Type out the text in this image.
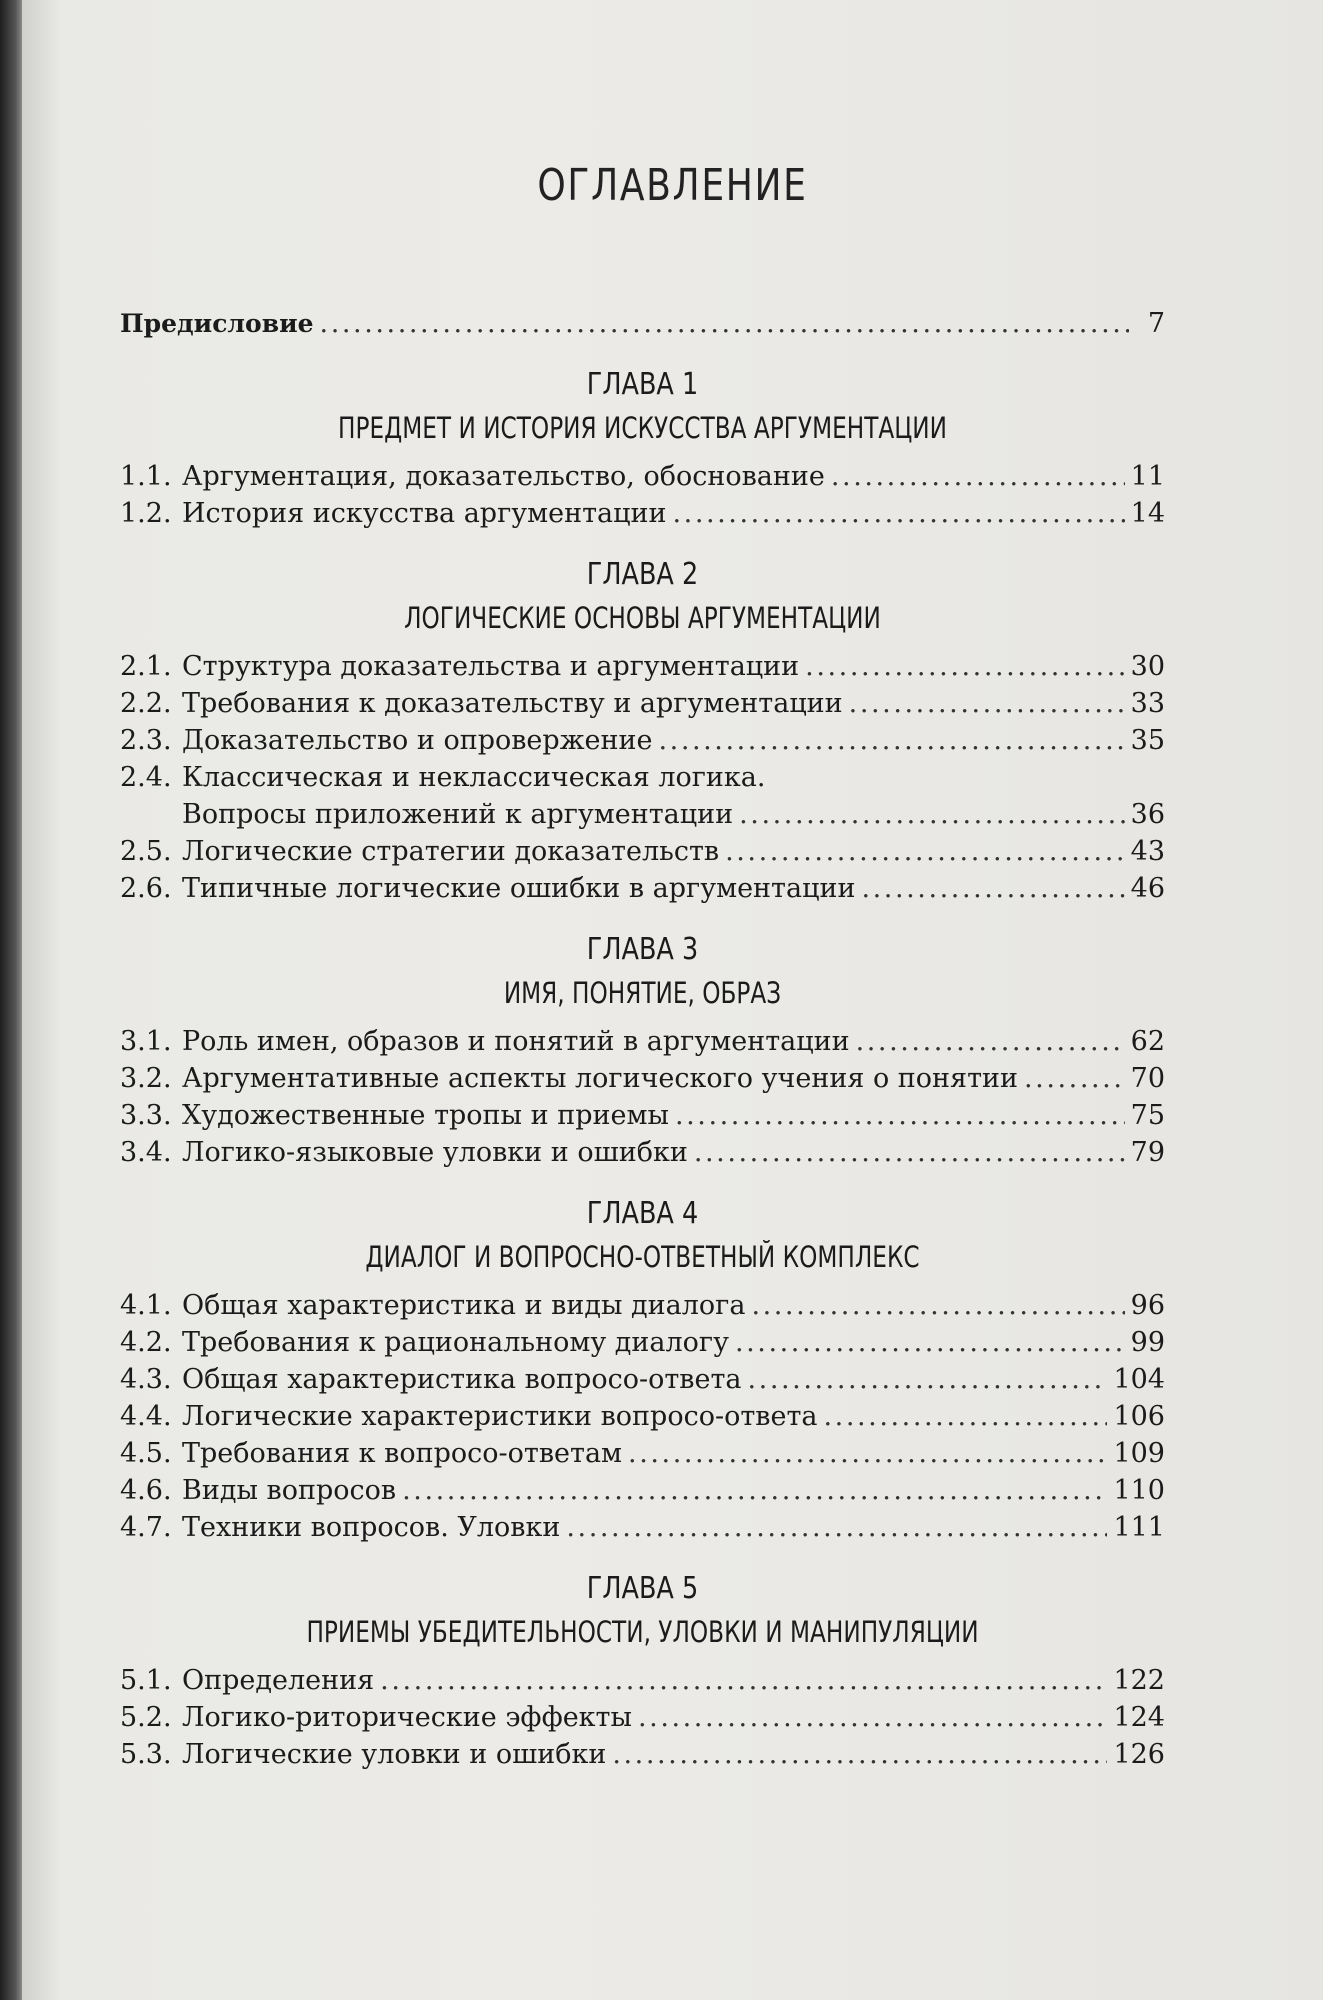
ОГЛАВЛЕНИЕ
Предисловие . . .	7
ГЛАВА 1
ПРЕДМЕТ И ИСТОРИЯ ИСКУССТВА АРГУМЕНТАЦИИ
1.1. Аргументация, доказательство, обоснование . . .	11
1.2. История искусства аргументации . . .	14
ГЛАВА 2
ЛОГИЧЕСКИЕ ОСНОВЫ АРГУМЕНТАЦИИ
2.1. Структура доказательства и аргументации . . .	30
2.2. Требования к доказательству и аргументации . . .	33
2.3. Доказательство и опровержение . . .	35
2.4. Классическая и неклассическая логика.
Вопросы приложений к аргументации . . .	36
2.5. Логические стратегии доказательств . . .	43
2.6. Типичные логические ошибки в аргументации . . .	46
ГЛАВА 3
ИМЯ, ПОНЯТИЕ, ОБРАЗ
3.1. Роль имен, образов и понятий в аргументации . . .	62
3.2. Аргументативные аспекты логического учения о понятии . . .	70
3.3. Художественные тропы и приемы . . .	75
3.4. Логико-языковые уловки и ошибки . . .	79
ГЛАВА 4
ДИАЛОГ И ВОПРОСНО-ОТВЕТНЫЙ КОМПЛЕКС
4.1. Общая характеристика и виды диалога . . .	96
4.2. Требования к рациональному диалогу . . .	99
4.3. Общая характеристика вопросо-ответа . . .	104
4.4. Логические характеристики вопросо-ответа . . .	106
4.5. Требования к вопросо-ответам . . .	109
4.6. Виды вопросов . . .	110
4.7. Техники вопросов. Уловки . . .	111
ГЛАВА 5
ПРИЕМЫ УБЕДИТЕЛЬНОСТИ, УЛОВКИ И МАНИПУЛЯЦИИ
5.1. Определения . . .	122
5.2. Логико-риторические эффекты . . .	124
5.3. Логические уловки и ошибки . . .	126
